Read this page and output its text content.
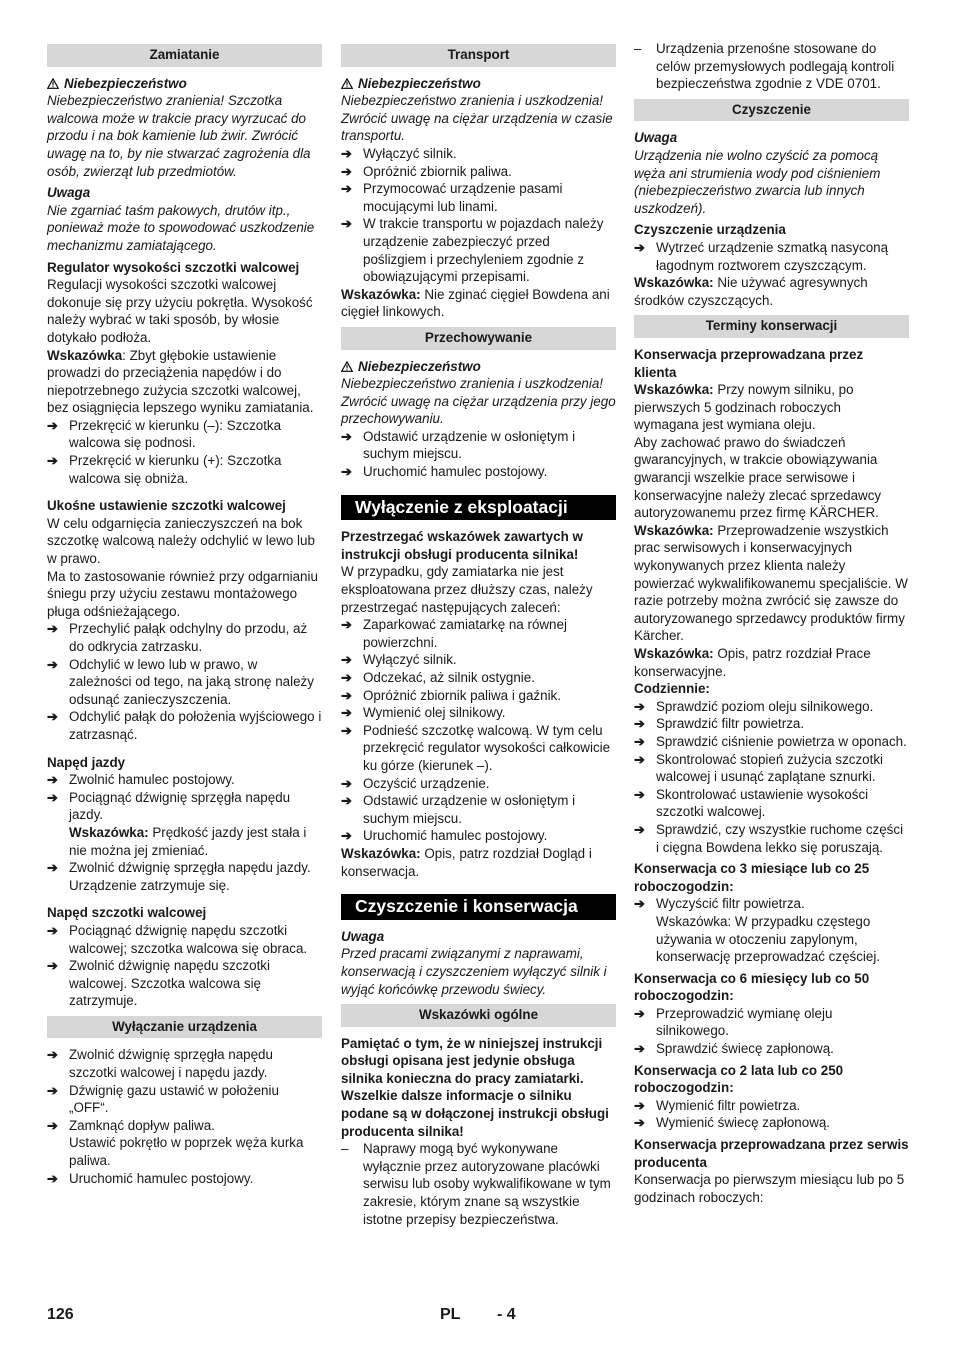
Zamiatanie
Niebezpieczeństwo
Niebezpieczeństwo zranienia! Szczotka walcowa może w trakcie pracy wyrzucać do przodu i na bok kamienie lub żwir. Zwrócić uwagę na to, by nie stwarzać zagrożenia dla osób, zwierząt lub przedmiotów.
Uwaga
Nie zgarniać taśm pakowych, drutów itp., ponieważ może to spowodować uszkodzenie mechanizmu zamiatającego.
Regulator wysokości szczotki walcowej
Regulacji wysokości szczotki walcowej dokonuje się przy użyciu pokrętła. Wysokość należy wybrać w taki sposób, by włosie dotykało podłoża.
Wskazówka: Zbyt głębokie ustawienie prowadzi do przeciążenia napędów i do niepotrzebnego zużycia szczotki walcowej, bez osiągnięcia lepszego wyniku zamiatania.
➔ Przekręcić w kierunku (–): Szczotka walcowa się podnosi.
➔ Przekręcić w kierunku (+): Szczotka walcowa się obniża.
Ukośne ustawienie szczotki walcowej
W celu odgarnięcia zanieczyszczeń na bok szczotkę walcową należy odchylić w lewo lub w prawo.
Ma to zastosowanie również przy odgarnianiu śniegu przy użyciu zestawu montażowego pługa odśnieżającego.
➔ Przechylić pałąk odchylny do przodu, aż do odkrycia zatrzasku.
➔ Odchylić w lewo lub w prawo, w zależności od tego, na jaką stronę należy odsunąć zanieczyszczenia.
➔ Odchylić pałąk do położenia wyjściowego i zatrzasnąć.
Napęd jazdy
➔ Zwolnić hamulec postojowy.
➔ Pociągnąć dźwignię sprzęgła napędu jazdy.
Wskazówka: Prędkość jazdy jest stała i nie można jej zmieniać.
➔ Zwolnić dźwignię sprzęgła napędu jazdy. Urządzenie zatrzymuje się.
Napęd szczotki walcowej
➔ Pociągnąć dźwignię napędu szczotki walcowej; szczotka walcowa się obraca.
➔ Zwolnić dźwignię napędu szczotki walcowej. Szczotka walcowa się zatrzymuje.
Wyłączanie urządzenia
➔ Zwolnić dźwignię sprzęgła napędu szczotki walcowej i napędu jazdy.
➔ Dźwignię gazu ustawić w położeniu „OFF“.
➔ Zamknąć dopływ paliwa.
Ustawić pokrętło w poprzek węża kurka paliwa.
➔ Uruchomić hamulec postojowy.
Transport
Niebezpieczeństwo
Niebezpieczeństwo zranienia i uszkodzenia! Zwrócić uwagę na ciężar urządzenia w czasie transportu.
➔ Wyłączyć silnik.
➔ Opróżnić zbiornik paliwa.
➔ Przymocować urządzenie pasami mocującymi lub linami.
➔ W trakcie transportu w pojazdach należy urządzenie zabezpieczyć przed poślizgiem i przechyleniem zgodnie z obowiązującymi przepisami.
Wskazówka: Nie zginać cięgieł Bowdena ani cięgieł linkowych.
Przechowywanie
Niebezpieczeństwo
Niebezpieczeństwo zranienia i uszkodzenia! Zwrócić uwagę na ciężar urządzenia przy jego przechowywaniu.
➔ Odstawić urządzenie w osłoniętym i suchym miejscu.
➔ Uruchomić hamulec postojowy.
Wyłączenie z eksploatacji
Przestrzegać wskazówek zawartych w instrukcji obsługi producenta silnika!
W przypadku, gdy zamiatarka nie jest eksploatowana przez dłuższy czas, należy przestrzegać następujących zaleceń:
➔ Zaparkować zamiatarkę na równej powierzchni.
➔ Wyłączyć silnik.
➔ Odczekać, aż silnik ostygnie.
➔ Opróżnić zbiornik paliwa i gaźnik.
➔ Wymienić olej silnikowy.
➔ Podnieść szczotkę walcową. W tym celu przekręcić regulator wysokości całkowicie ku górze (kierunek –).
➔ Oczyścić urządzenie.
➔ Odstawić urządzenie w osłoniętym i suchym miejscu.
➔ Uruchomić hamulec postojowy.
Wskazówka: Opis, patrz rozdział Dogląd i konserwacja.
Czyszczenie i konserwacja
Uwaga
Przed pracami związanymi z naprawami, konserwacją i czyszczeniem wyłączyć silnik i wyjąć końcówkę przewodu świecy.
Wskazówki ogólne
Pamiętać o tym, że w niniejszej instrukcji obsługi opisana jest jedynie obsługa silnika konieczna do pracy zamiatarki. Wszelkie dalsze informacje o silniku podane są w dołączonej instrukcji obsługi producenta silnika!
– Naprawy mogą być wykonywane wyłącznie przez autoryzowane placówki serwisu lub osoby wykwalifikowane w tym zakresie, którym znane są wszystkie istotne przepisy bezpieczeństwa.
– Urządzenia przenośne stosowane do celów przemysłowych podlegają kontroli bezpieczeństwa zgodnie z VDE 0701.
Czyszczenie
Uwaga
Urządzenia nie wolno czyścić za pomocą węża ani strumienia wody pod ciśnieniem (niebezpieczeństwo zwarcia lub innych uszkodzeń).
Czyszczenie urządzenia
➔ Wytrzeć urządzenie szmatką nasyconą łagodnym roztworem czyszczącym.
Wskazówka: Nie używać agresywnych środków czyszczących.
Terminy konserwacji
Konserwacja przeprowadzana przez klienta
Wskazówka: Przy nowym silniku, po pierwszych 5 godzinach roboczych wymagana jest wymiana oleju.
Aby zachować prawo do świadczeń gwarancyjnych, w trakcie obowiązywania gwarancji wszelkie prace serwisowe i konserwacyjne należy zlecać sprzedawcy autoryzowanemu przez firmę KÄRCHER.
Wskazówka: Przeprowadzenie wszystkich prac serwisowych i konserwacyjnych wykonywanych przez klienta należy powierzać wykwalifikowanemu specjaliście. W razie potrzeby można zwrócić się zawsze do autoryzowanego sprzedawcy produktów firmy Kärcher.
Wskazówka: Opis, patrz rozdział Prace konserwacyjne.
Codziennie:
➔ Sprawdzić poziom oleju silnikowego.
➔ Sprawdzić filtr powietrza.
➔ Sprawdzić ciśnienie powietrza w oponach.
➔ Skontrolować stopień zużycia szczotki walcowej i usunąć zaplątane sznurki.
➔ Skontrolować ustawienie wysokości szczotki walcowej.
➔ Sprawdzić, czy wszystkie ruchome części i cięgna Bowdena lekko się poruszają.
Konserwacja co 3 miesiące lub co 25 roboczogodzin:
➔ Wyczyścić filtr powietrza.
Wskazówka: W przypadku częstego używania w otoczeniu zapylonym, konserwację przeprowadzać częściej.
Konserwacja co 6 miesięcy lub co 50 roboczogodzin:
➔ Przeprowadzić wymianę oleju silnikowego.
➔ Sprawdzić świecę zapłonową.
Konserwacja co 2 lata lub co 250 roboczogodzin:
➔ Wymienić filtr powietrza.
➔ Wymienić świecę zapłonową.
Konserwacja przeprowadzana przez serwis producenta
Konserwacja po pierwszym miesiącu lub po 5 godzinach roboczych:
126	PL - 4
